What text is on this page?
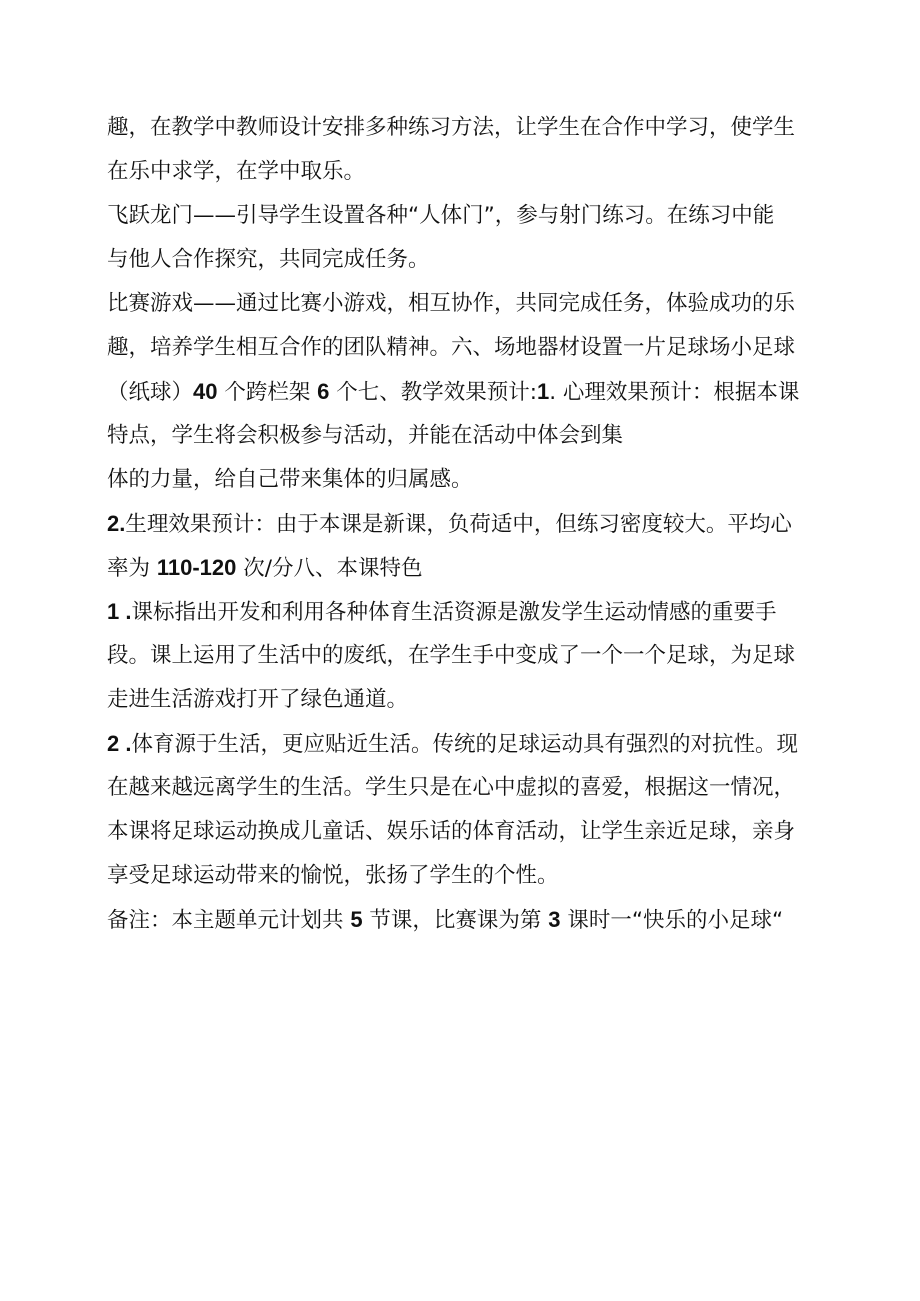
趣，在教学中教师设计安排多种练习方法，让学生在合作中学习，使学生
在乐中求学，在学中取乐。
飞跃龙门——引导学生设置各种“人体门”，参与射门练习。在练习中能
与他人合作探究，共同完成任务。
比赛游戏——通过比赛小游戏，相互协作，共同完成任务，体验成功的乐
趣，培养学生相互合作的团队精神。六、场地器材设置一片足球场小足球
（纸球）40 个跨栏架 6 个七、教学效果预计:1. 心理效果预计：根据本课
特点，学生将会积极参与活动，并能在活动中体会到集
体的力量，给自己带来集体的归属感。
2.生理效果预计：由于本课是新课，负荷适中，但练习密度较大。平均心
率为 110-120 次/分八、本课特色
1 .课标指出开发和利用各种体育生活资源是激发学生运动情感的重要手
段。课上运用了生活中的废纸，在学生手中变成了一个一个足球，为足球
走进生活游戏打开了绿色通道。
2 .体育源于生活，更应贴近生活。传统的足球运动具有强烈的对抗性。现
在越来越远离学生的生活。学生只是在心中虚拟的喜爱，根据这一情况，
本课将足球运动换成儿童话、娱乐话的体育活动，让学生亲近足球，亲身
享受足球运动带来的愉悦，张扬了学生的个性。
备注：本主题单元计划共 5 节课，比赛课为第 3 课时一“快乐的小足球“
